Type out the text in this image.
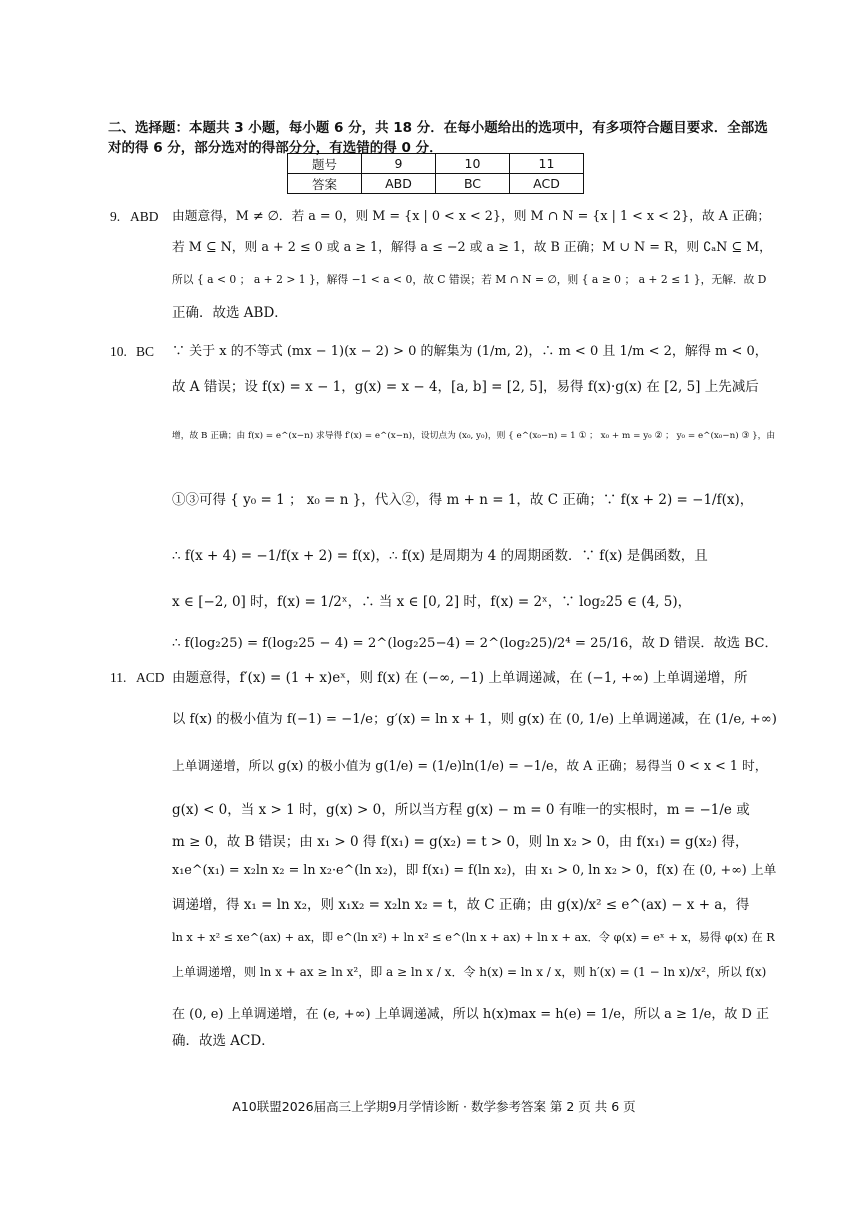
二、选择题：本题共 3 小题，每小题 6 分，共 18 分．在每小题给出的选项中，有多项符合题目要求．全部选对的得 6 分，部分选对的得部分分，有选错的得 0 分．
题号	9	10	11
答案	ABD	BC	ACD
9. ABD 由题意得，M ≠ ∅．若 a = 0，则 M = {x | 0 < x < 2}，则 M ∩ N = {x | 1 < x < 2}，故 A 正确；
若 M ⊆ N，则 a + 2 ≤ 0 或 a ≥ 1，解得 a ≤ −2 或 a ≥ 1，故 B 正确；M ∪ N = R，则 ∁ₐN ⊆ M，
所以 { a < 0 ； a + 2 > 1 }，解得 −1 < a < 0，故 C 错误；若 M ∩ N = ∅，则 { a ≥ 0 ； a + 2 ≤ 1 }，无解．故 D
正确．故选 ABD．
10. BC ∵ 关于 x 的不等式 (mx − 1)(x − 2) > 0 的解集为 (1/m, 2)，∴ m < 0 且 1/m < 2，解得 m < 0，
故 A 错误；设 f(x) = x − 1，g(x) = x − 4，[a, b] = [2, 5]，易得 f(x)·g(x) 在 [2, 5] 上先减后
增，故 B 正确；由 f(x) = e^(x−n) 求导得 f′(x) = e^(x−n)，设切点为 (x₀, y₀)，则 { e^(x₀−n) = 1 ① ； x₀ + m = y₀ ② ； y₀ = e^(x₀−n) ③ }，由
①③可得 { y₀ = 1 ； x₀ = n }，代入②，得 m + n = 1，故 C 正确；∵ f(x + 2) = −1/f(x)，
∴ f(x + 4) = −1/f(x + 2) = f(x)，∴ f(x) 是周期为 4 的周期函数．∵ f(x) 是偶函数，且
x ∈ [−2, 0] 时，f(x) = 1/2ˣ，∴ 当 x ∈ [0, 2] 时，f(x) = 2ˣ，∵ log₂25 ∈ (4, 5)，
∴ f(log₂25) = f(log₂25 − 4) = 2^(log₂25−4) = 2^(log₂25)/2⁴ = 25/16，故 D 错误．故选 BC．
11. ACD 由题意得，f′(x) = (1 + x)eˣ，则 f(x) 在 (−∞, −1) 上单调递减，在 (−1, +∞) 上单调递增，所
以 f(x) 的极小值为 f(−1) = −1/e；g′(x) = ln x + 1，则 g(x) 在 (0, 1/e) 上单调递减，在 (1/e, +∞)
上单调递增，所以 g(x) 的极小值为 g(1/e) = (1/e)ln(1/e) = −1/e，故 A 正确；易得当 0 < x < 1 时，
g(x) < 0，当 x > 1 时，g(x) > 0，所以当方程 g(x) − m = 0 有唯一的实根时，m = −1/e 或
m ≥ 0，故 B 错误；由 x₁ > 0 得 f(x₁) = g(x₂) = t > 0，则 ln x₂ > 0，由 f(x₁) = g(x₂) 得，
x₁e^(x₁) = x₂ln x₂ = ln x₂·e^(ln x₂)，即 f(x₁) = f(ln x₂)，由 x₁ > 0, ln x₂ > 0，f(x) 在 (0, +∞) 上单
调递增，得 x₁ = ln x₂，则 x₁x₂ = x₂ln x₂ = t，故 C 正确；由 g(x)/x² ≤ e^(ax) − x + a，得
ln x + x² ≤ xe^(ax) + ax，即 e^(ln x²) + ln x² ≤ e^(ln x + ax) + ln x + ax．令 φ(x) = eˣ + x，易得 φ(x) 在 R
上单调递增，则 ln x + ax ≥ ln x²，即 a ≥ ln x / x．令 h(x) = ln x / x，则 h′(x) = (1 − ln x)/x²，所以 f(x)
在 (0, e) 上单调递增，在 (e, +∞) 上单调递减，所以 h(x)max = h(e) = 1/e，所以 a ≥ 1/e，故 D 正
确．故选 ACD．
A10联盟2026届高三上学期9月学情诊断 · 数学参考答案 第 2 页 共 6 页
